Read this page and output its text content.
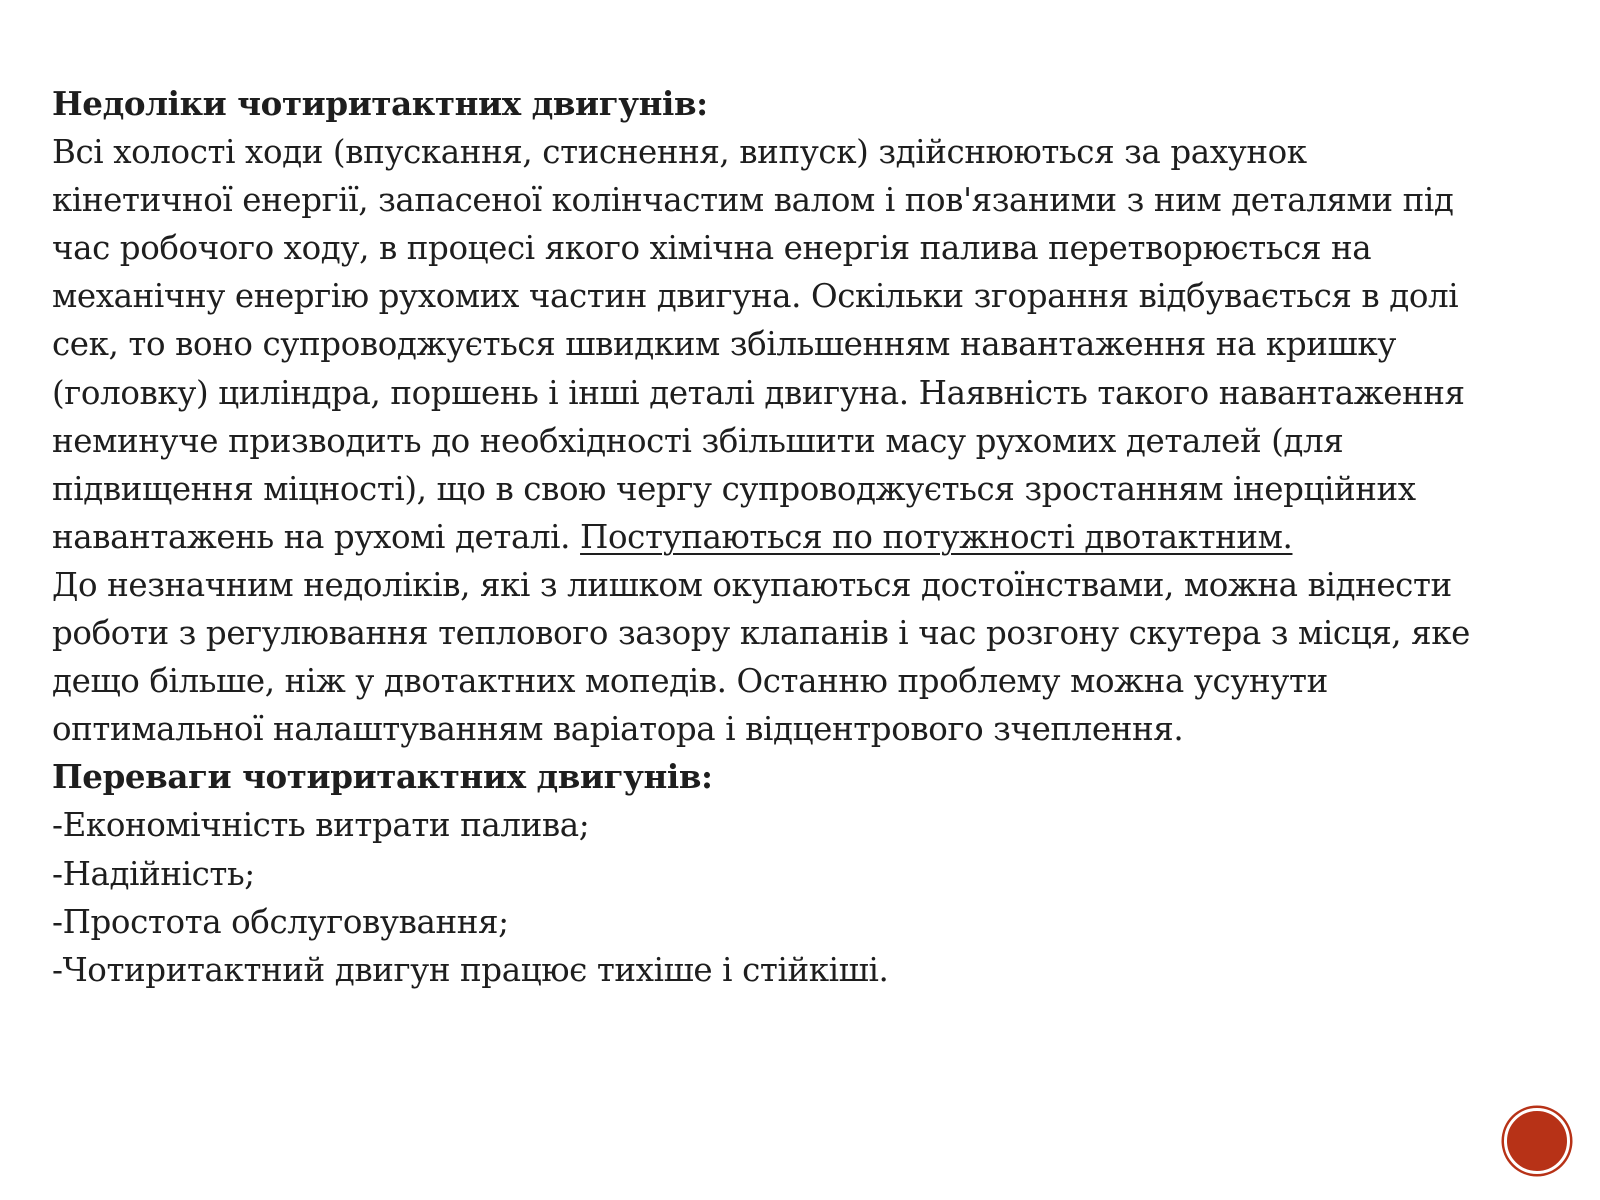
Недоліки чотиритактних двигунів:

Всі холості ходи (впускання, стиснення, випуск) здійснюються за рахунок кінетичної енергії, запасеної колінчастим валом і пов'язаними з ним деталями під час робочого ходу, в процесі якого хімічна енергія палива перетворюється на механічну енергію рухомих частин двигуна. Оскільки згорання відбувається в долі сек, то воно супроводжується швидким збільшенням навантаження на кришку (головку) циліндра, поршень і інші деталі двигуна. Наявність такого навантаження неминуче призводить до необхідності збільшити масу рухомих деталей (для підвищення міцності), що в свою чергу супроводжується зростанням інерційних навантажень на рухомі деталі. Поступаються по потужності двотактним.

До незначним недоліків, які з лишком окупаються достоїнствами, можна віднести роботи з регулювання теплового зазору клапанів і час розгону скутера з місця, яке дещо більше, ніж у двотактних мопедів. Останню проблему можна усунути оптимальної налаштуванням варіатора і відцентрового зчеплення.

Переваги чотиритактних двигунів:

-Економічність витрати палива;

-Надійність;

-Простота обслуговування;

-Чотиритактний двигун працює тихіше і стійкіші.
